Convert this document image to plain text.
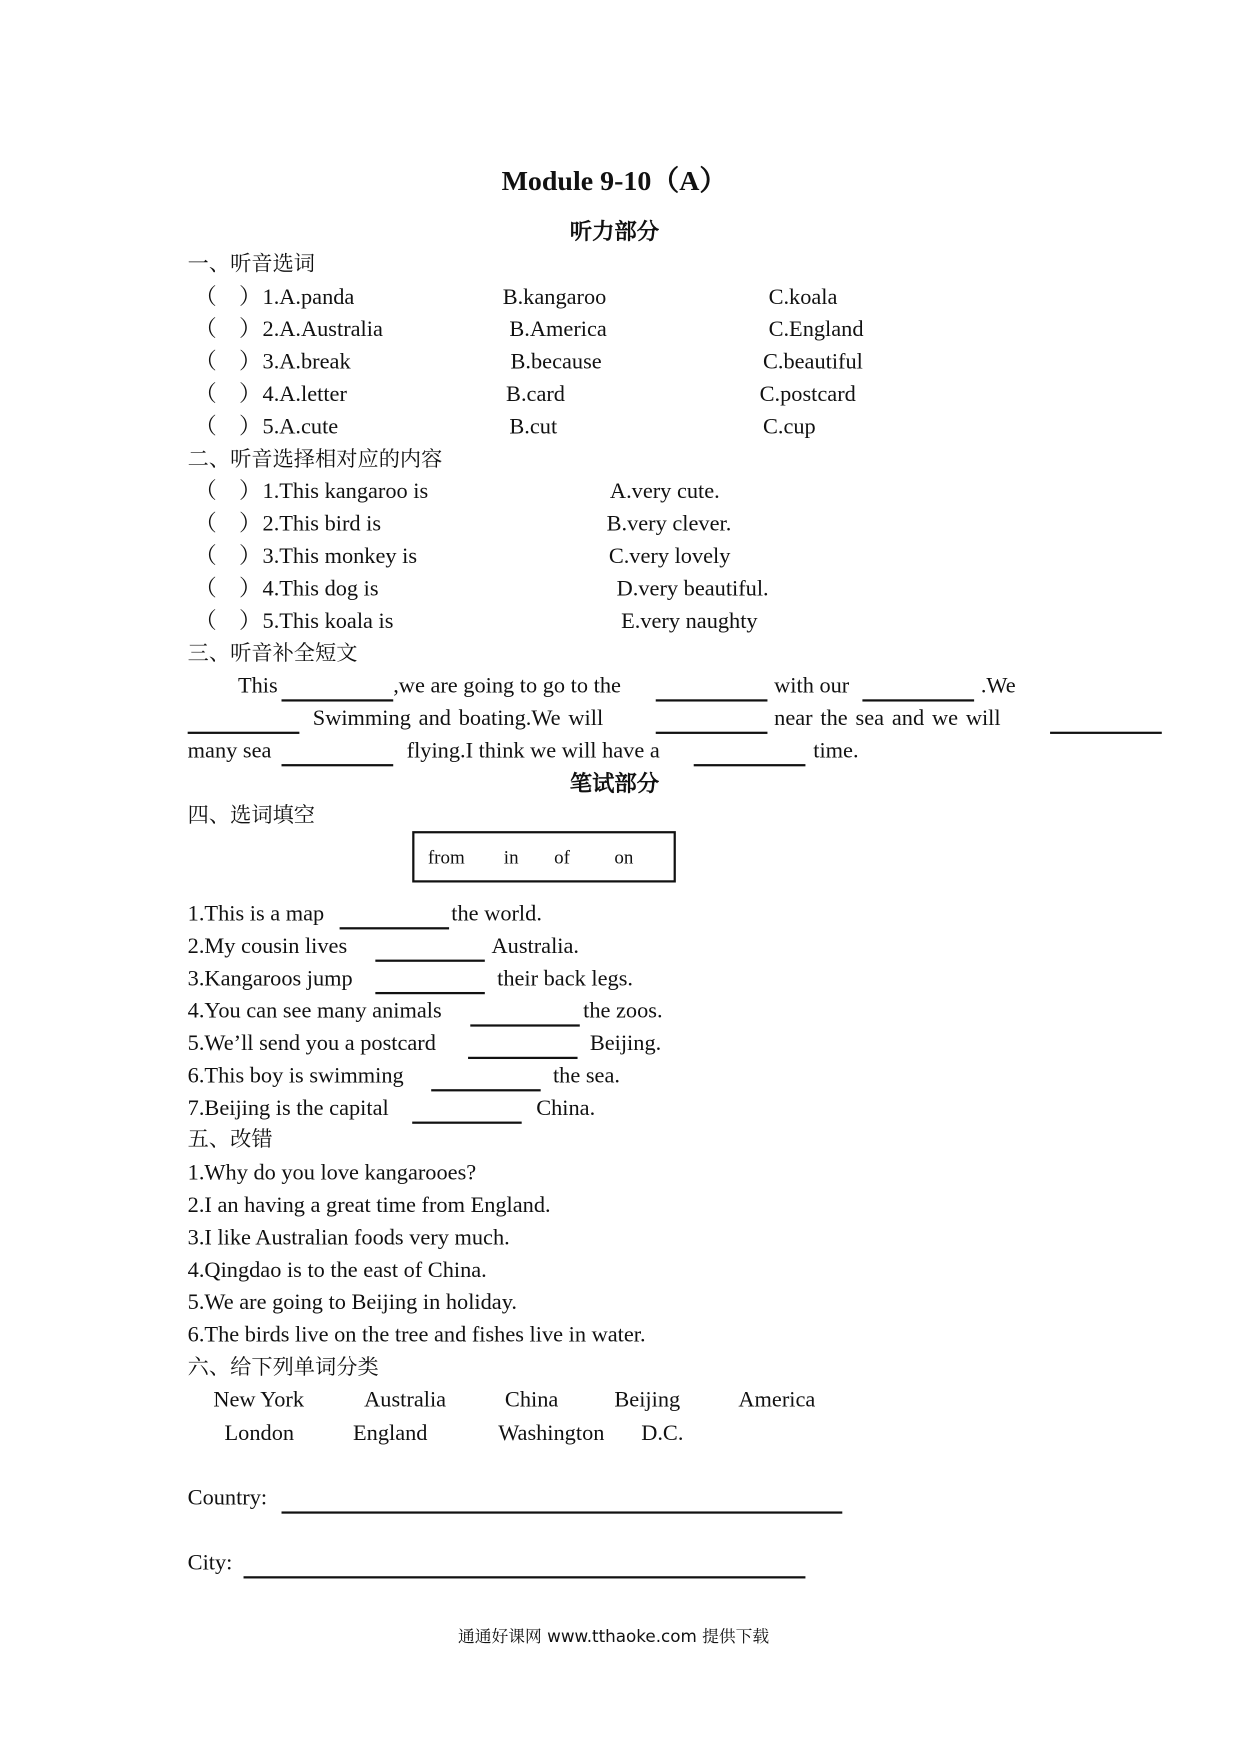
Module 9-10（A）
听力部分
一、听音选词
（　） 1.A.panda	B.kangaroo	C.koala
（　） 2.A.Australia	B.America	C.England
（　） 3.A.break	B.because	C.beautiful
（　） 4.A.letter	B.card	C.postcard
（　） 5.A.cute	B.cut	C.cup
二、听音选择相对应的内容
（　） 1.This kangaroo is	A.very cute.
（　） 2.This bird is	B.very clever.
（　） 3.This monkey is	C.very lovely
（　） 4.This dog is	D.very beautiful.
（　） 5.This koala is	E.very naughty
三、听音补全短文
This	,we are going to go to the	with our	.We
Swimming and boating.We will	near the sea and we will
many sea	flying.I think we will have a	time.
笔试部分
四、选词填空
from in of	on
1.This is a map	the world.
2.My cousin lives	Australia.
3.Kangaroos jump	their back legs.
4.You can see many animals	the zoos.
5.We’ll send you a postcard	Beijing.
6.This boy is swimming	the sea.
7.Beijing is the capital	China.
五、改错
1.Why do you love kangarooes?
2.I an having a great time from England.
3.I like Australian foods very much.
4.Qingdao is to the east of China.
5.We are going to Beijing in holiday.
6.The birds live on the tree and fishes live in water.
六、给下列单词分类
New York	Australia	China	Beijing	America
London	England	Washington D.C.
Country:
City:
通通好课网 www.tthaoke.com 提供下载
